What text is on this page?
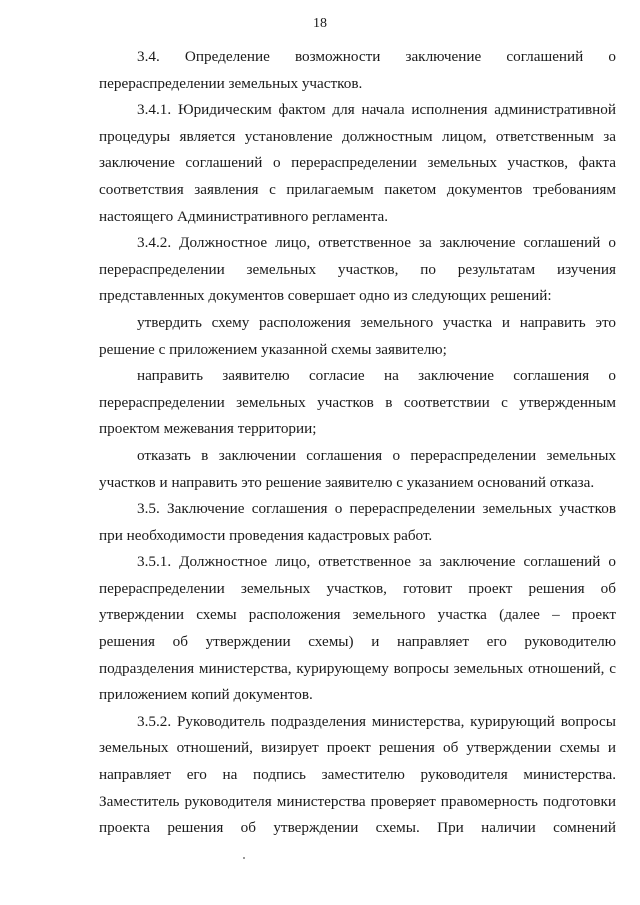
18

3.4. Определение возможности заключение соглашений о перераспределении земельных участков.

3.4.1. Юридическим фактом для начала исполнения административной процедуры является установление должностным лицом, ответственным за заключение соглашений о перераспределении земельных участков, факта соответствия заявления с прилагаемым пакетом документов требованиям настоящего Административного регламента.

3.4.2. Должностное лицо, ответственное за заключение соглашений о перераспределении земельных участков, по результатам изучения представленных документов совершает одно из следующих решений:

утвердить схему расположения земельного участка и направить это решение с приложением указанной схемы заявителю;

направить заявителю согласие на заключение соглашения о перераспределении земельных участков в соответствии с утвержденным проектом межевания территории;

отказать в заключении соглашения о перераспределении земельных участков и направить это решение заявителю с указанием оснований отказа.

3.5. Заключение соглашения о перераспределении земельных участков при необходимости проведения кадастровых работ.

3.5.1. Должностное лицо, ответственное за заключение соглашений о перераспределении земельных участков, готовит проект решения об утверждении схемы расположения земельного участка (далее – проект решения об утверждении схемы) и направляет его руководителю подразделения министерства, курирующему вопросы земельных отношений, с приложением копий документов.

3.5.2. Руководитель подразделения министерства, курирующий вопросы земельных отношений, визирует проект решения об утверждении схемы и направляет его на подпись заместителю руководителя министерства. Заместитель руководителя министерства проверяет правомерность подготовки проекта решения об утверждении схемы. При наличии сомнений
